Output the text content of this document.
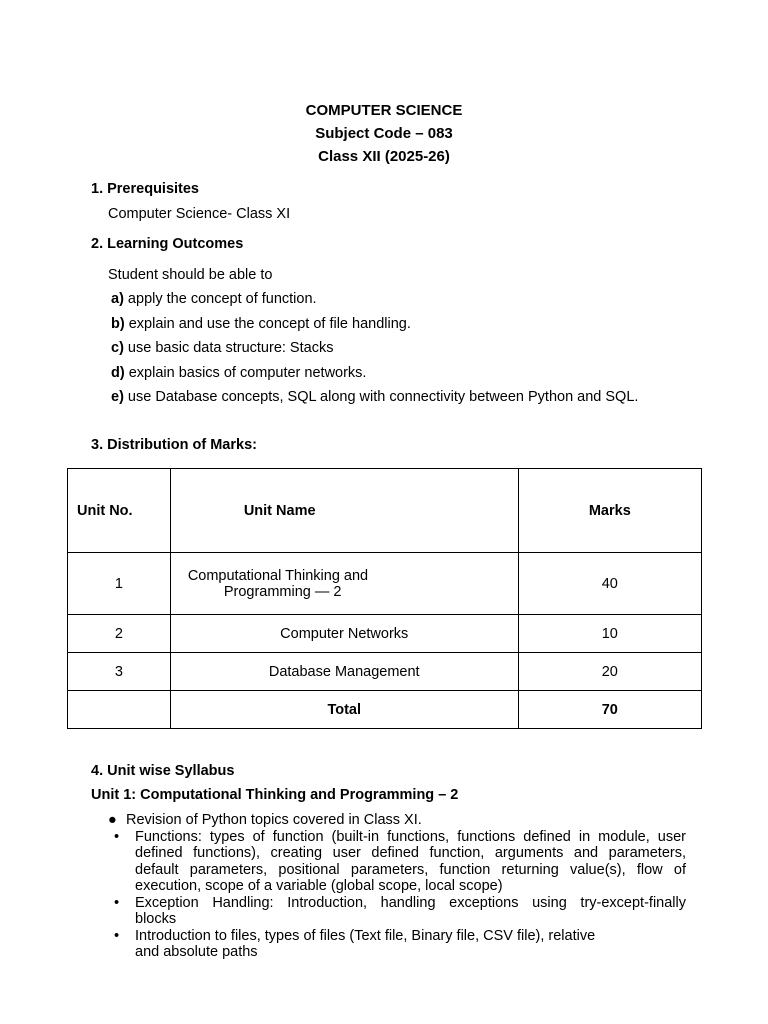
COMPUTER SCIENCE
Subject Code – 083
Class XII (2025-26)
1. Prerequisites
Computer Science- Class XI
2. Learning Outcomes
Student should be able to
a) apply the concept of function.
b) explain and use the concept of file handling.
c) use basic data structure: Stacks
d) explain basics of computer networks.
e) use Database concepts, SQL along with connectivity between Python and SQL.
3. Distribution of Marks:
Unit No.	Unit Name	Marks
1	Computational Thinking and
Programming — 2	40
2	Computer Networks	10
3	Database Management	20
	Total	70
4. Unit wise Syllabus
Unit 1: Computational Thinking and Programming – 2
● Revision of Python topics covered in Class XI.
• Functions: types of function (built-in functions, functions defined in module, user
defined functions), creating user defined function, arguments and parameters,
default parameters, positional parameters, function returning value(s), flow of
execution, scope of a variable (global scope, local scope)
• Exception Handling: Introduction, handling exceptions using try-except-finally
blocks
• Introduction to files, types of files (Text file, Binary file, CSV file), relative
and absolute paths
